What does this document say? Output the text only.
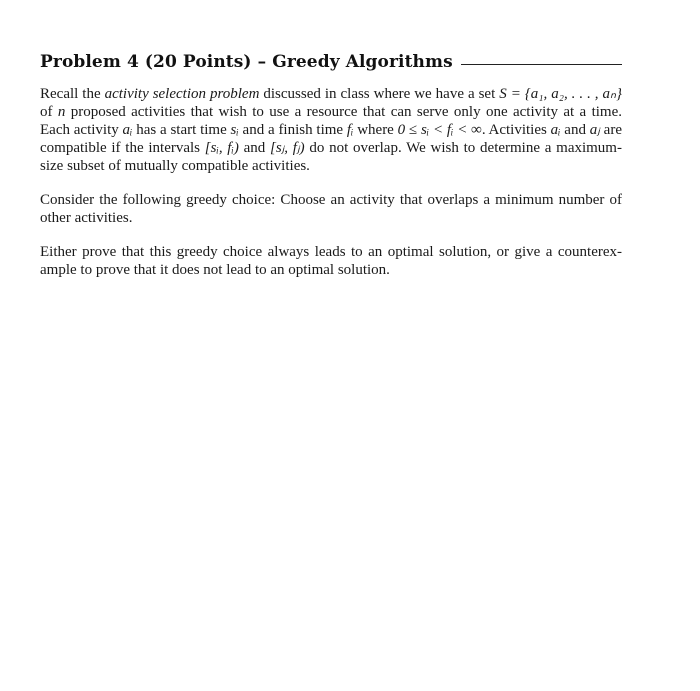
Problem 4 (20 Points) – Greedy Algorithms
Recall the activity selection problem discussed in class where we have a set S = {a₁, a₂, . . . , aₙ} of n proposed activities that wish to use a resource that can serve only one activity at a time. Each activity aᵢ has a start time sᵢ and a finish time fᵢ where 0 ≤ sᵢ < fᵢ < ∞. Activities aᵢ and aⱼ are compatible if the intervals [sᵢ, fᵢ) and [sⱼ, fⱼ) do not overlap. We wish to determine a maximum-size subset of mutually compatible activities.
Consider the following greedy choice: Choose an activity that overlaps a minimum number of other activities.
Either prove that this greedy choice always leads to an optimal solution, or give a counterex-ample to prove that it does not lead to an optimal solution.
